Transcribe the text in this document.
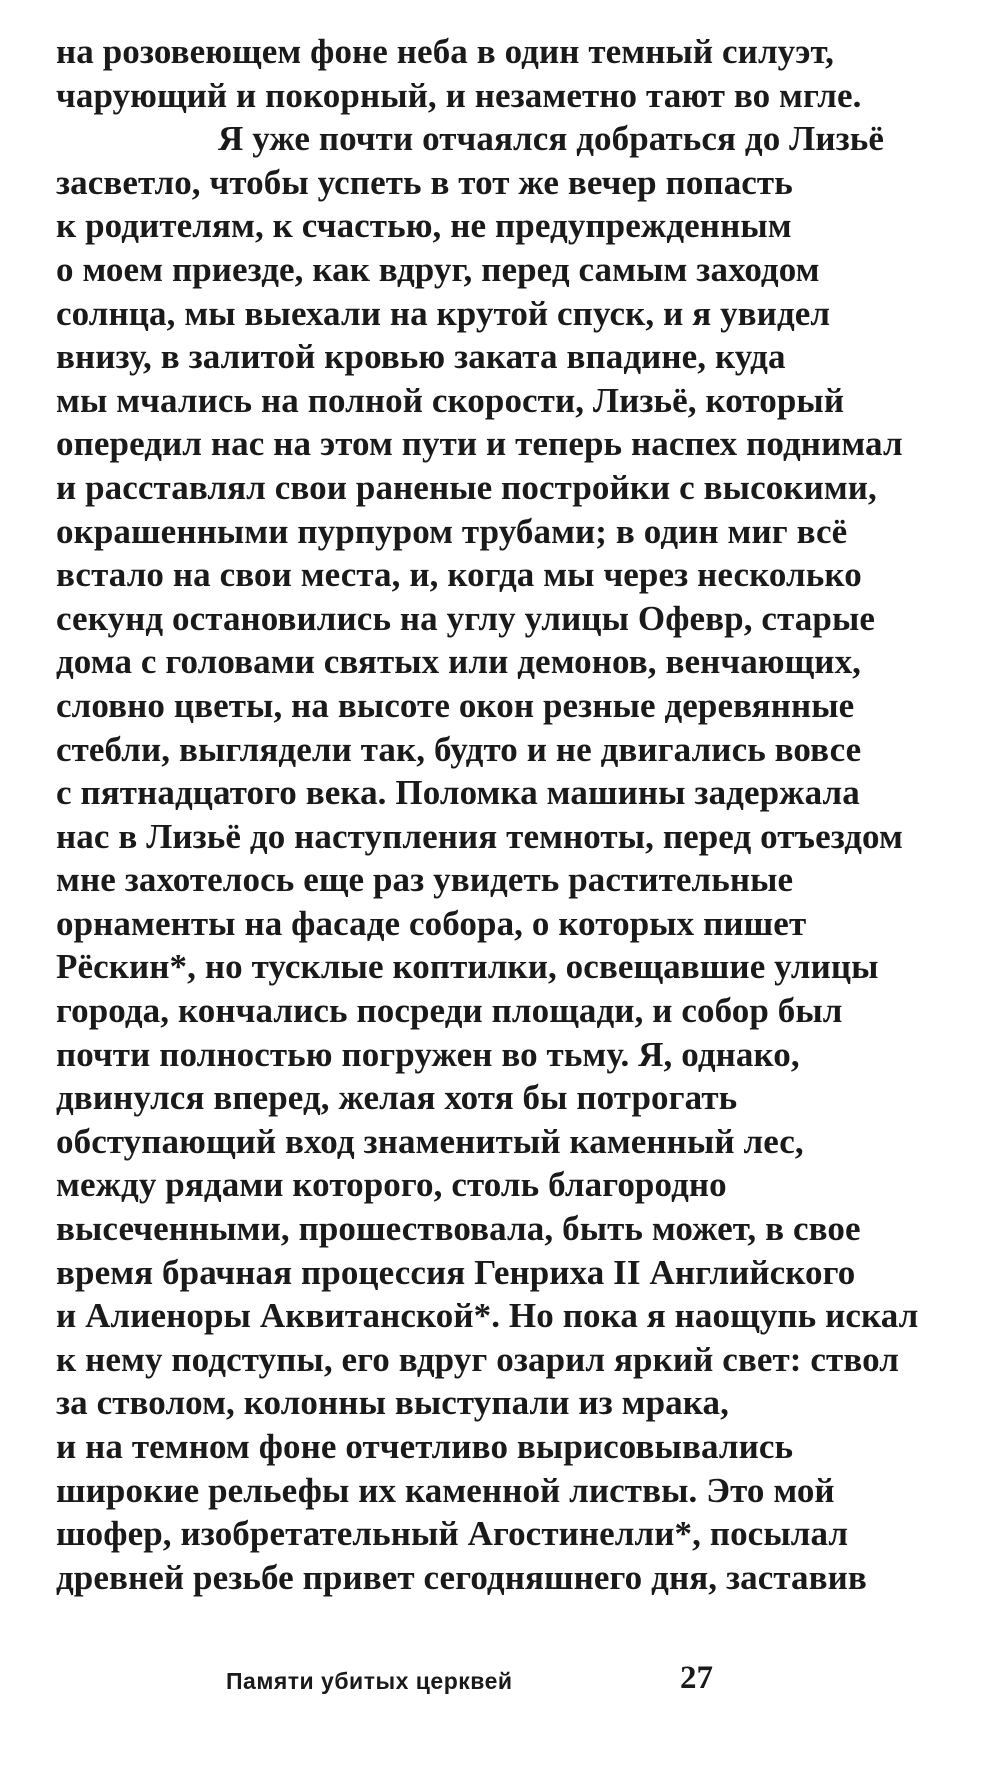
на розовеющем фоне неба в один темный силуэт,
чарующий и покорный, и незаметно тают во мгле.
Я уже почти отчаялся добраться до Лизьё
засветло, чтобы успеть в тот же вечер попасть
к родителям, к счастью, не предупрежденным
о моем приезде, как вдруг, перед самым заходом
солнца, мы выехали на крутой спуск, и я увидел
внизу, в залитой кровью заката впадине, куда
мы мчались на полной скорости, Лизьё, который
опередил нас на этом пути и теперь наспех поднимал
и расставлял свои раненые постройки с высокими,
окрашенными пурпуром трубами; в один миг всё
встало на свои места, и, когда мы через несколько
секунд остановились на углу улицы Офевр, старые
дома с головами святых или демонов, венчающих,
словно цветы, на высоте окон резные деревянные
стебли, выглядели так, будто и не двигались вовсе
с пятнадцатого века. Поломка машины задержала
нас в Лизьё до наступления темноты, перед отъездом
мне захотелось еще раз увидеть растительные
орнаменты на фасаде собора, о которых пишет
Рёскин*, но тусклые коптилки, освещавшие улицы
города, кончались посреди площади, и собор был
почти полностью погружен во тьму. Я, однако,
двинулся вперед, желая хотя бы потрогать
обступающий вход знаменитый каменный лес,
между рядами которого, столь благородно
высеченными, прошествовала, быть может, в свое
время брачная процессия Генриха II Английского
и Алиеноры Аквитанской*. Но пока я наощупь искал
к нему подступы, его вдруг озарил яркий свет: ствол
за стволом, колонны выступали из мрака,
и на темном фоне отчетливо вырисовывались
широкие рельефы их каменной листвы. Это мой
шофер, изобретательный Агостинелли*, посылал
древней резьбе привет сегодняшнего дня, заставив
Памяти убитых церквей	27
